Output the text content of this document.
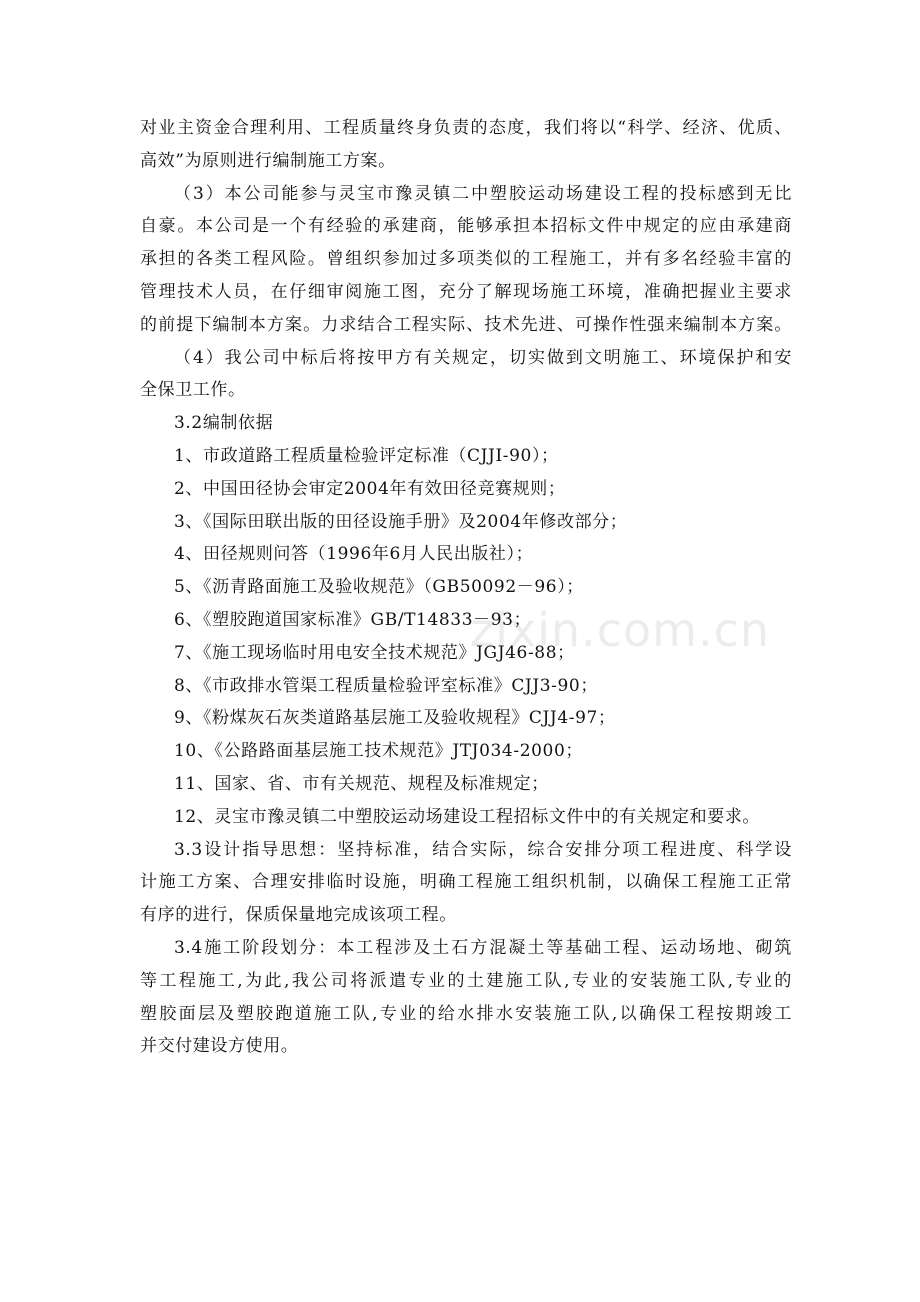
zixin.com.cn
对业主资金合理利用、工程质量终身负责的态度，我们将以“科学、经济、优质、
高效”为原则进行编制施工方案。
（3）本公司能参与灵宝市豫灵镇二中塑胶运动场建设工程的投标感到无比
自豪。本公司是一个有经验的承建商，能够承担本招标文件中规定的应由承建商
承担的各类工程风险。曾组织参加过多项类似的工程施工，并有多名经验丰富的
管理技术人员，在仔细审阅施工图，充分了解现场施工环境，准确把握业主要求
的前提下编制本方案。力求结合工程实际、技术先进、可操作性强来编制本方案。
（4）我公司中标后将按甲方有关规定，切实做到文明施工、环境保护和安
全保卫工作。
3.2编制依据
1、市政道路工程质量检验评定标准（CJJI-90）；
2、中国田径协会审定2004年有效田径竞赛规则；
3、《国际田联出版的田径设施手册》及2004年修改部分；
4、田径规则问答（1996年6月人民出版社）；
5、《沥青路面施工及验收规范》（GB50092－96）；
6、《塑胶跑道国家标准》GB/T14833－93；
7、《施工现场临时用电安全技术规范》JGJ46-88；
8、《市政排水管渠工程质量检验评室标准》CJJ3-90；
9、《粉煤灰石灰类道路基层施工及验收规程》CJJ4-97；
10、《公路路面基层施工技术规范》JTJ034-2000；
11、国家、省、市有关规范、规程及标准规定；
12、灵宝市豫灵镇二中塑胶运动场建设工程招标文件中的有关规定和要求。
3.3设计指导思想：坚持标准，结合实际，综合安排分项工程进度、科学设
计施工方案、合理安排临时设施，明确工程施工组织机制，以确保工程施工正常
有序的进行，保质保量地完成该项工程。
3.4施工阶段划分：本工程涉及土石方混凝土等基础工程、运动场地、砌筑
等工程施工,为此,我公司将派遣专业的土建施工队,专业的安装施工队,专业的
塑胶面层及塑胶跑道施工队,专业的给水排水安装施工队,以确保工程按期竣工
并交付建设方使用。
